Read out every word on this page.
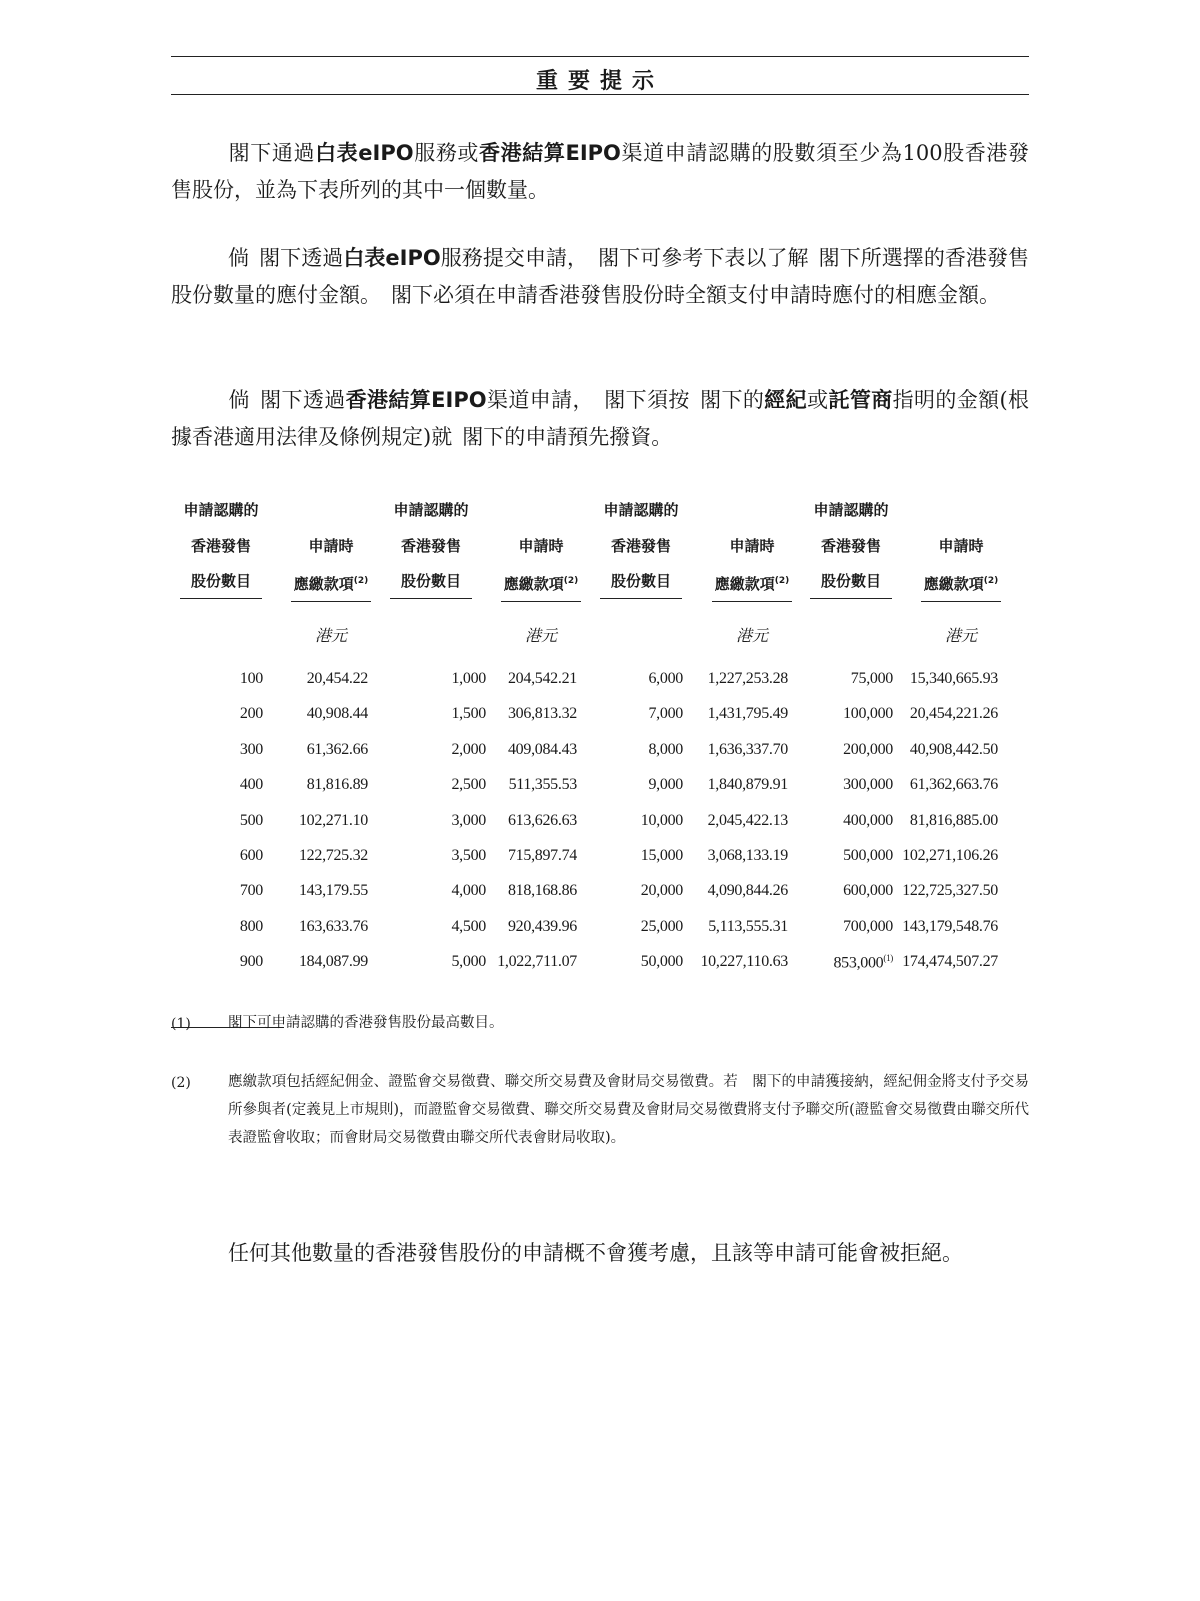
重要提示
閣下通過白表eIPO服務或香港結算EIPO渠道申請認購的股數須至少為100股香港發售股份，並為下表所列的其中一個數量。
倘 閣下透過白表eIPO服務提交申請， 閣下可參考下表以了解 閣下所選擇的香港發售股份數量的應付金額。 閣下必須在申請香港發售股份時全額支付申請時應付的相應金額。
倘 閣下透過香港結算EIPO渠道申請， 閣下須按 閣下的經紀或託管商指明的金額(根據香港適用法律及條例規定)就 閣下的申請預先撥資。
申請認購的
香港發售
股份數目
申請時
應繳款項$^{(2)}$
港元
100	20,454.22
200	40,908.44
300	61,362.66
400	81,816.89
500 102,271.10
600 122,725.32
700 143,179.55
800 163,633.76
900 184,087.99
申請認購的
香港發售
股份數目
申請時
應繳款項$^{(2)}$
港元
1,000 204,542.21
1,500 306,813.32
2,000 409,084.43
2,500 511,355.53
3,000 613,626.63
3,500 715,897.74
4,000 818,168.86
4,500 920,439.96
5,000 1,022,711.07
申請認購的
香港發售
股份數目
申請時
應繳款項$^{(2)}$
港元
6,000 1,227,253.28
7,000 1,431,795.49
8,000 1,636,337.70
9,000 1,840,879.91
10,000 2,045,422.13
15,000 3,068,133.19
20,000 4,090,844.26
25,000 5,113,555.31
50,000 10,227,110.63
申請認購的
香港發售
股份數目
申請時
應繳款項$^{(2)}$
港元
75,000 15,340,665.93
100,000 20,454,221.26
200,000 40,908,442.50
300,000 61,362,663.76
400,000 81,816,885.00
500,000 102,271,106.26
600,000 122,725,327.50
700,000 143,179,548.76
853,000$^{(1)}$ 174,474,507.27
(1)	閣下可申請認購的香港發售股份最高數目。
(2)	應繳款項包括經紀佣金、證監會交易徵費、聯交所交易費及會財局交易徵費。若　閣下的申請獲接納，經紀佣金將支付予交易所參與者(定義見上市規則)，而證監會交易徵費、聯交所交易費及會財局交易徵費將支付予聯交所(證監會交易徵費由聯交所代表證監會收取；而會財局交易徵費由聯交所代表會財局收取)。
任何其他數量的香港發售股份的申請概不會獲考慮，且該等申請可能會被拒絕。
